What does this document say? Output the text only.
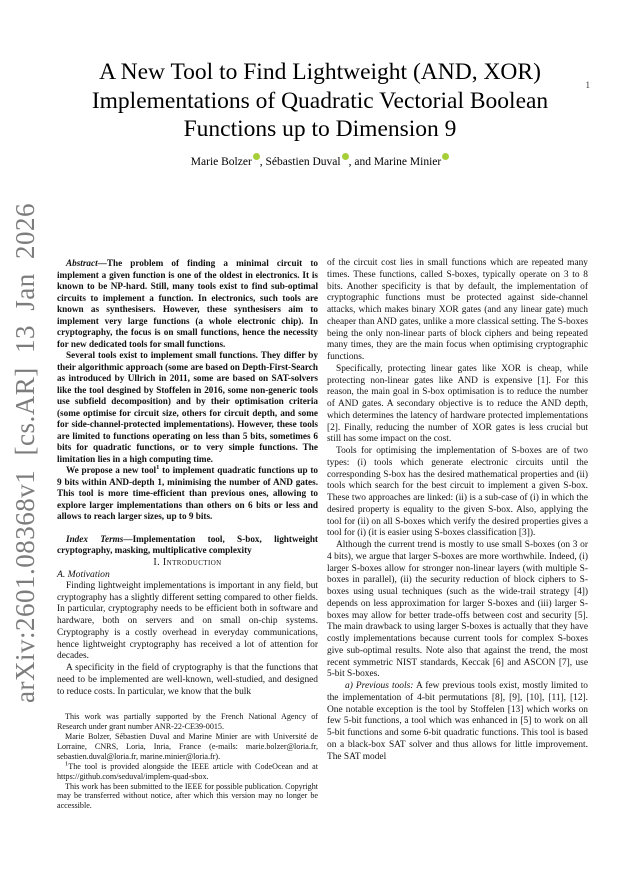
1
arXiv:2601.08368v1 [cs.AR] 13 Jan 2026
A New Tool to Find Lightweight (AND, XOR) Implementations of Quadratic Vectorial Boolean Functions up to Dimension 9
Marie Bolzer , Sébastien Duval , and Marine Minier

Abstract—The problem of finding a minimal circuit to implement a given function is one of the oldest in electronics. It is known to be NP-hard. Still, many tools exist to find sub-optimal circuits to implement a function. In electronics, such tools are known as synthesisers. However, these synthesisers aim to implement very large functions (a whole electronic chip). In cryptography, the focus is on small functions, hence the necessity for new dedicated tools for small functions.

Several tools exist to implement small functions. They differ by their algorithmic approach (some are based on Depth-First-Search as introduced by Ullrich in 2011, some are based on SAT-solvers like the tool desgined by Stoffelen in 2016, some non-generic tools use subfield decomposition) and by their optimisation criteria (some optimise for circuit size, others for circuit depth, and some for side-channel-protected implementations). However, these tools are limited to functions operating on less than 5 bits, sometimes 6 bits for quadratic functions, or to very simple functions. The limitation lies in a high computing time.

We propose a new tool$^1$ to implement quadratic functions up to 9 bits within AND-depth 1, minimising the number of AND gates. This tool is more time-efficient than previous ones, allowing to explore larger implementations than others on 6 bits or less and allows to reach larger sizes, up to 9 bits.

Index Terms—Implementation tool, S-box, lightweight cryptography, masking, multiplicative complexity

I. Introduction

A. Motivation

Finding lightweight implementations is important in any field, but cryptography has a slightly different setting compared to other fields. In particular, cryptography needs to be efficient both in software and hardware, both on servers and on small on-chip systems. Cryptography is a costly overhead in everyday communications, hence lightweight cryptography has received a lot of attention for decades.

A specificity in the field of cryptography is that the functions that need to be implemented are well-known, well-studied, and designed to reduce costs. In particular, we know that the bulk

This work was partially supported by the French National Agency of Research under grant number ANR-22-CE39-0015.

Marie Bolzer, Sébastien Duval and Marine Minier are with Université de Lorraine, CNRS, Loria, Inria, France (e-mails: marie.bolzer@loria.fr, sebastien.duval@loria.fr, marine.minier@loria.fr).

$^1$The tool is provided alongside the IEEE article with CodeOcean and at https://github.com/seduval/implem-quad-sbox.

This work has been submitted to the IEEE for possible publication. Copyright may be transferred without notice, after which this version may no longer be accessible.

of the circuit cost lies in small functions which are repeated many times. These functions, called S-boxes, typically operate on 3 to 8 bits. Another specificity is that by default, the implementation of cryptographic functions must be protected against side-channel attacks, which makes binary XOR gates (and any linear gate) much cheaper than AND gates, unlike a more classical setting. The S-boxes being the only non-linear parts of block ciphers and being repeated many times, they are the main focus when optimising cryptographic functions.

Specifically, protecting linear gates like XOR is cheap, while protecting non-linear gates like AND is expensive [1]. For this reason, the main goal in S-box optimisation is to reduce the number of AND gates. A secondary objective is to reduce the AND depth, which determines the latency of hardware protected implementations [2]. Finally, reducing the number of XOR gates is less crucial but still has some impact on the cost.

Tools for optimising the implementation of S-boxes are of two types: (i) tools which generate electronic circuits until the corresponding S-box has the desired mathematical properties and (ii) tools which search for the best circuit to implement a given S-box. These two approaches are linked: (ii) is a sub-case of (i) in which the desired property is equality to the given S-box. Also, applying the tool for (ii) on all S-boxes which verify the desired properties gives a tool for (i) (it is easier using S-boxes classification [3]).

Although the current trend is mostly to use small S-boxes (on 3 or 4 bits), we argue that larger S-boxes are more worthwhile. Indeed, (i) larger S-boxes allow for stronger non-linear layers (with multiple S-boxes in parallel), (ii) the security reduction of block ciphers to S-boxes using usual techniques (such as the wide-trail strategy [4]) depends on less approximation for larger S-boxes and (iii) larger S-boxes may allow for better trade-offs between cost and security [5]. The main drawback to using larger S-boxes is actually that they have costly implementations because current tools for complex S-boxes give sub-optimal results. Note also that against the trend, the most recent symmetric NIST standards, Keccak [6] and ASCON [7], use 5-bit S-boxes.

a) Previous tools: A few previous tools exist, mostly limited to the implementation of 4-bit permutations [8], [9], [10], [11], [12]. One notable exception is the tool by Stoffelen [13] which works on few 5-bit functions, a tool which was enhanced in [5] to work on all 5-bit functions and some 6-bit quadratic functions. This tool is based on a black-box SAT solver and thus allows for little improvement. The SAT model
